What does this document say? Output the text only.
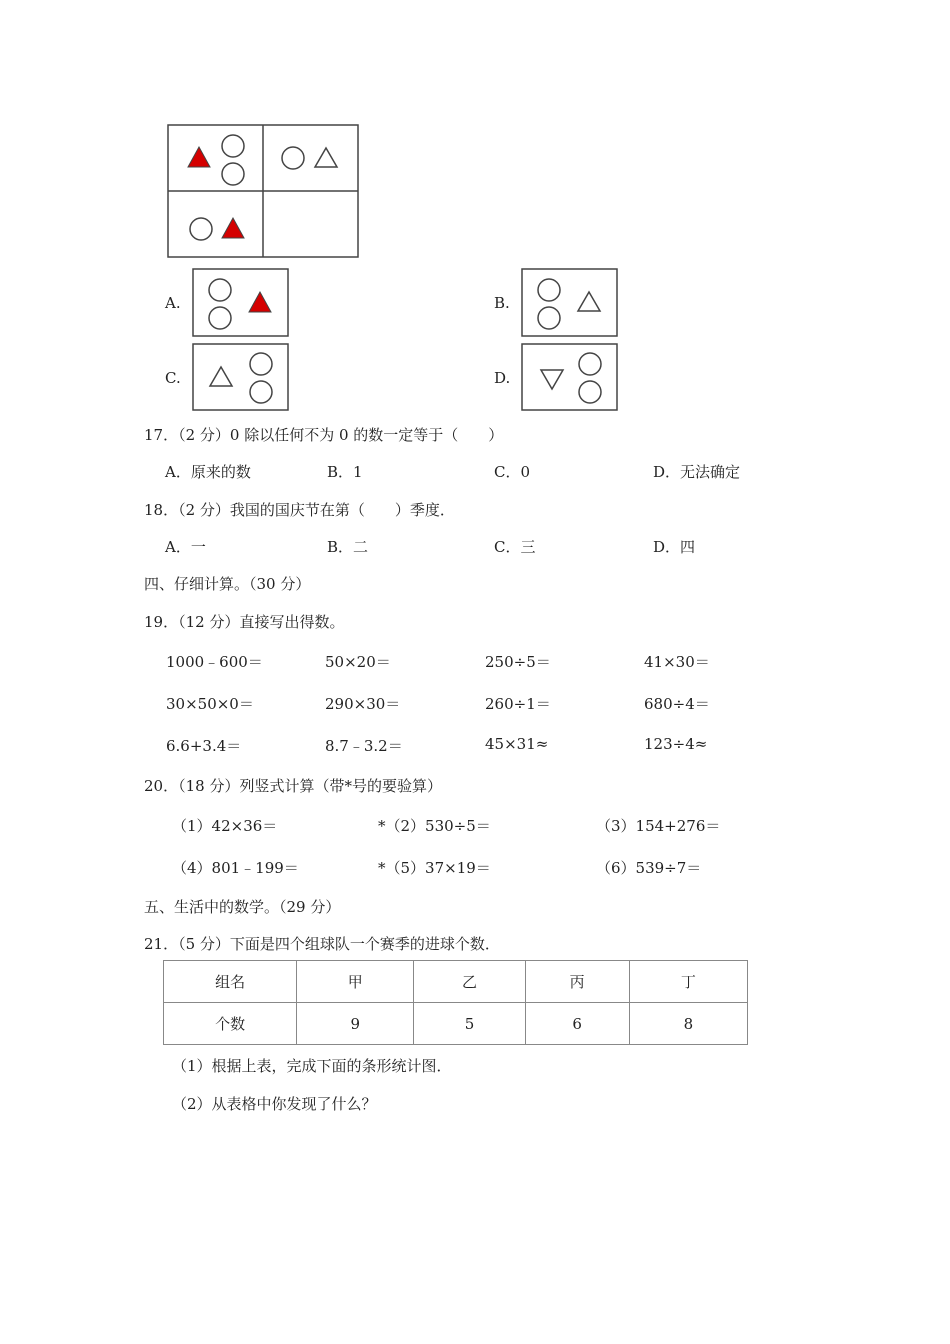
A.	B.
C.	D.
17．（2 分）0 除以任何不为 0 的数一定等于（　　）
A．原来的数	B．1	C．0	D．无法确定
18．（2 分）我国的国庆节在第（　　）季度．
A．一	B．二	C．三	D．四
四、仔细计算。（30 分）
19．（12 分）直接写出得数。
1000﹣600＝	50×20＝	250÷5＝	41×30＝
30×50×0＝	290×30＝	260÷1＝	680÷4＝
6.6+3.4＝	8.7﹣3.2＝	45×31≈	123÷4≈
20．（18 分）列竖式计算（带*号的要验算）
（1）42×36＝	*（2）530÷5＝	（3）154+276＝
（4）801﹣199＝	*（5）37×19＝	（6）539÷7＝
五、生活中的数学。（29 分）
21．（5 分）下面是四个组球队一个赛季的进球个数．
组名	甲	乙	丙	丁
个数	9	5	6	8
（1）根据上表，完成下面的条形统计图．
（2）从表格中你发现了什么？
